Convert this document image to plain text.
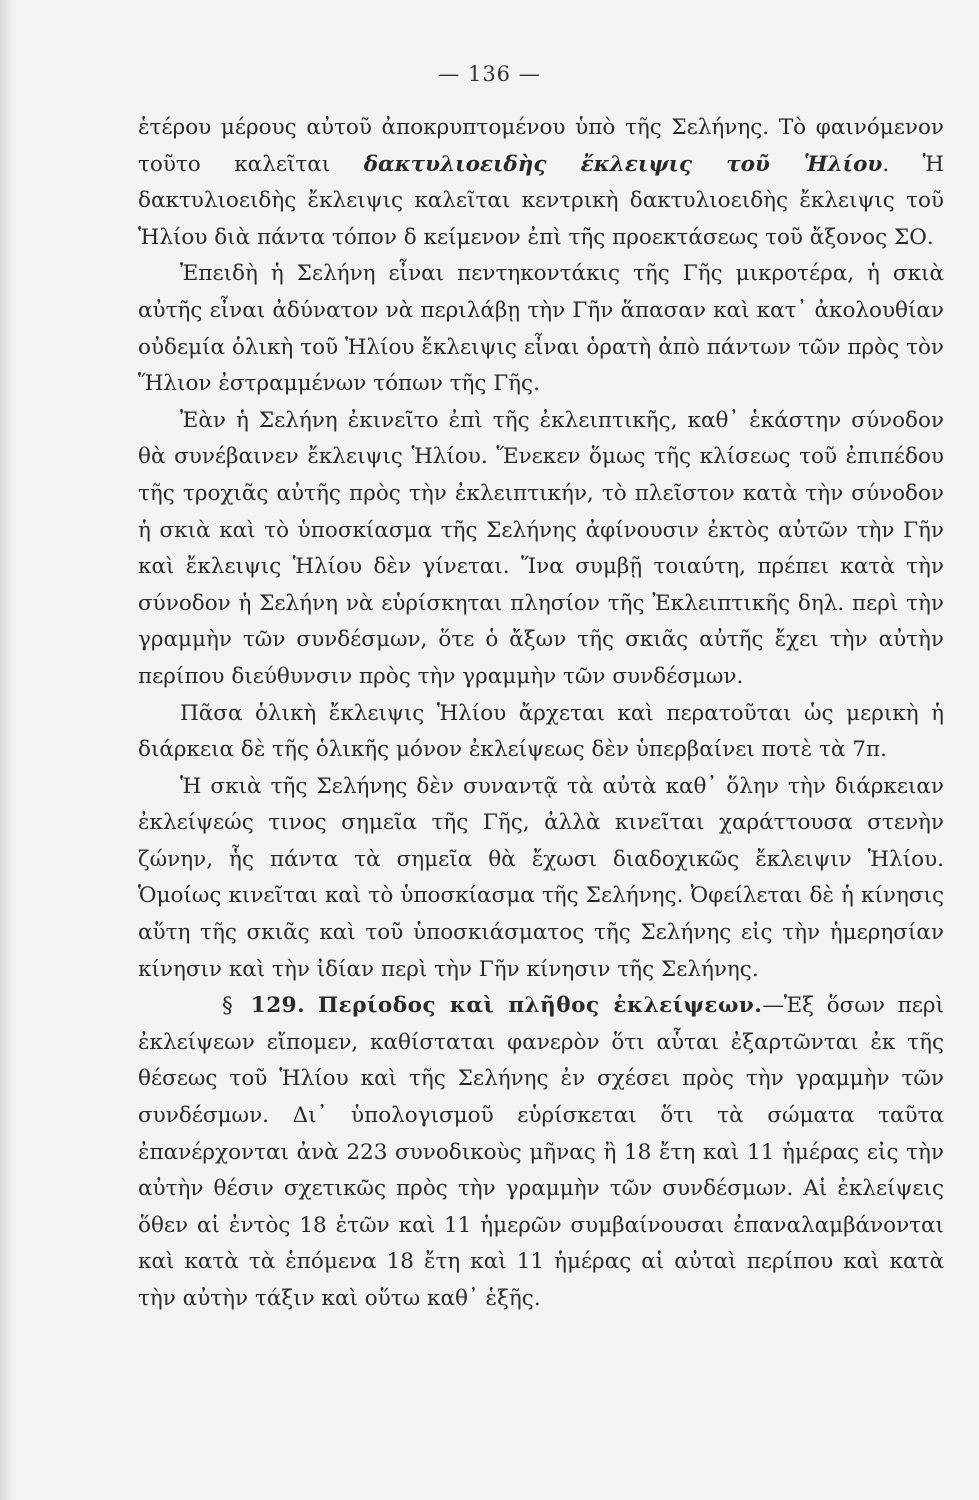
— 136 —

ἑτέρου μέρους αὐτοῦ ἀποκρυπτομένου ὑπὸ τῆς Σελήνης. Τὸ φαινόμενον τοῦτο καλεῖται δακτυλιοειδὴς ἔκλειψις τοῦ Ἡλίου. Ἡ δακτυλιοειδὴς ἔκλειψις καλεῖται κεντρικὴ δακτυλιοειδὴς ἔκλειψις τοῦ Ἡλίου διὰ πάντα τόπον δ κείμενον ἐπὶ τῆς προεκτάσεως τοῦ ἄξονος ΣΟ.

Ἐπειδὴ ἡ Σελήνη εἶναι πεντηκοντάκις τῆς Γῆς μικροτέρα, ἡ σκιὰ αὐτῆς εἶναι ἀδύνατον νὰ περιλάβῃ τὴν Γῆν ἅπασαν καὶ κατ᾽ ἀκολουθίαν οὐδεμία ὁλικὴ τοῦ Ἡλίου ἔκλειψις εἶναι ὁρατὴ ἀπὸ πάντων τῶν πρὸς τὸν Ἥλιον ἐστραμμένων τόπων τῆς Γῆς.

Ἐὰν ἡ Σελήνη ἐκινεῖτο ἐπὶ τῆς ἐκλειπτικῆς, καθ᾽ ἑκάστην σύνοδον θὰ συνέβαινεν ἔκλειψις Ἡλίου. Ἕνεκεν ὅμως τῆς κλίσεως τοῦ ἐπιπέδου τῆς τροχιᾶς αὐτῆς πρὸς τὴν ἐκλειπτικήν, τὸ πλεῖστον κατὰ τὴν σύνοδον ἡ σκιὰ καὶ τὸ ὑποσκίασμα τῆς Σελήνης ἀφίνουσιν ἐκτὸς αὐτῶν τὴν Γῆν καὶ ἔκλειψις Ἡλίου δὲν γίνεται. Ἵνα συμβῇ τοιαύτη, πρέπει κατὰ τὴν σύνοδον ἡ Σελήνη νὰ εὑρίσκηται πλησίον τῆς Ἐκλειπτικῆς δηλ. περὶ τὴν γραμμὴν τῶν συνδέσμων, ὅτε ὁ ἄξων τῆς σκιᾶς αὐτῆς ἔχει τὴν αὐτὴν περίπου διεύθυνσιν πρὸς τὴν γραμμὴν τῶν συνδέσμων.

Πᾶσα ὁλικὴ ἔκλειψις Ἡλίου ἄρχεται καὶ περατοῦται ὡς μερικὴ ἡ διάρκεια δὲ τῆς ὁλικῆς μόνον ἐκλείψεως δὲν ὑπερβαίνει ποτὲ τὰ 7π.

Ἡ σκιὰ τῆς Σελήνης δὲν συναντᾷ τὰ αὐτὰ καθ᾽ ὅλην τὴν διάρκειαν ἐκλείψεώς τινος σημεῖα τῆς Γῆς, ἀλλὰ κινεῖται χαράττουσα στενὴν ζώνην, ἧς πάντα τὰ σημεῖα θὰ ἔχωσι διαδοχικῶς ἔκλειψιν Ἡλίου. Ὁμοίως κινεῖται καὶ τὸ ὑποσκίασμα τῆς Σελήνης. Ὀφείλεται δὲ ἡ κίνησις αὕτη τῆς σκιᾶς καὶ τοῦ ὑποσκιάσματος τῆς Σελήνης εἰς τὴν ἡμερησίαν κίνησιν καὶ τὴν ἰδίαν περὶ τὴν Γῆν κίνησιν τῆς Σελήνης.

§ 129. Περίοδος καὶ πλῆθος ἐκλείψεων.—Ἐξ ὅσων περὶ ἐκλείψεων εἴπομεν, καθίσταται φανερὸν ὅτι αὗται ἐξαρτῶνται ἐκ τῆς θέσεως τοῦ Ἡλίου καὶ τῆς Σελήνης ἐν σχέσει πρὸς τὴν γραμμὴν τῶν συνδέσμων. Δι᾽ ὑπολογισμοῦ εὑρίσκεται ὅτι τὰ σώματα ταῦτα ἐπανέρχονται ἀνὰ 223 συνοδικοὺς μῆνας ἢ 18 ἔτη καὶ 11 ἡμέρας εἰς τὴν αὐτὴν θέσιν σχετικῶς πρὸς τὴν γραμμὴν τῶν συνδέσμων. Αἱ ἐκλείψεις ὅθεν αἱ ἐντὸς 18 ἐτῶν καὶ 11 ἡμερῶν συμβαίνουσαι ἐπαναλαμβάνονται καὶ κατὰ τὰ ἑπόμενα 18 ἔτη καὶ 11 ἡμέρας αἱ αὐταὶ περίπου καὶ κατὰ τὴν αὐτὴν τάξιν καὶ οὕτω καθ᾽ ἑξῆς.
